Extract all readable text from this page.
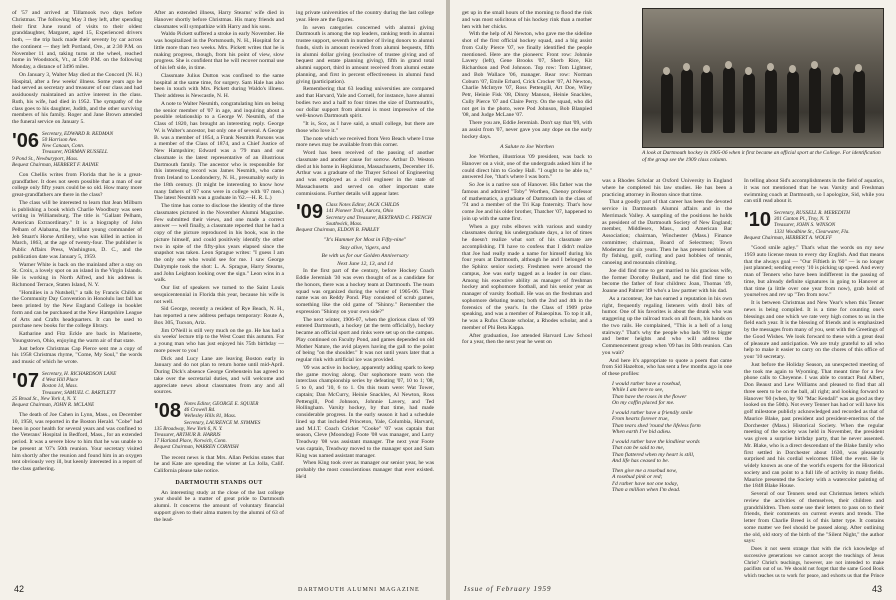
of '57 and arrived at Tillamook two days before Christmas. The following May 3 they left, after spending their first June round of visits to their oldest granddaughter, Margaret, aged 15, Experienced drivers both, — the trip back made their seventy by car across the continent — they left Portland, Ore., at 2:30 P.M. on November 11 and, taking turns at the wheel, reached home in Woodstock, Vt., at 5:00 P.M. on the following Monday, a distance of 3496 miles.

On January 3, Walter May died at the Concord (N. H.) Hospital, after a few weeks' illness. Some years ago he had served as secretary and treasurer of our class and had assiduously maintained an active interest in the class. Ruth, his wife, had died in 1952. The sympathy of the class goes to his daughter, Judith, and the other surviving members of his family. Roger and Jane Brown attended the funeral service on January 5.

'06 Secretary, EDWARD B. REDMAN
50 Harrison Ave.
New Canaan, Conn.
Treasurer, NORMAN RUSSELL
9 Pond St., Newburyport, Mass.
Bequest Chairman, HERBERT F. RAINIE

Con Chellis writes from Florida that he is a great-grandfather. It does not seem possible that a man of our college only fifty years could be so old. How many more great-grandfathers are there in the class?

The class will be interested to learn that Jean Milburn is publishing a book which Charlie Woodbury was seen writing in Williamsburg. The title is "Gallant Pelham, American Extraordinary." It is a biography of John Pelham of Alabama, the brilliant young commander of Jeb Stuart's Horse Artillery, who was killed in action in March, 1863, at the age of twenty-four. The publisher is Public Affairs Press, Washington, D. C., and the publication date was January 5, 1959.

Warner White is back on the mainland after a stay on St. Croix, a lovely spot on an island in the Virgin Islands. He is working in North Alfred, and his address is Richmond Terrace, Staten Island, N. Y.

"Homilies in a Nutshell," a talk by Francis Childs at the Community Day Convention in Honolulu last fall has been printed by the New England College in booklet form and can be purchased at the New Hampshire League of Arts and Crafts headquarters. It can be used to purchase new books for the college library.

Katharine and Fitz Eckle are back in Marinette, Youngstown, Ohio, enjoying the warm air of that state.

Just before Christmas Cap Pierce sent me a copy of his 1958 Christmas rhyme, "Come, My Soul," the words and music of which he wrote.

'07 Secretary, H. RICHARDSON LANE
4 West Hill Place
Boston 14, Mass.
Treasurer, SAMUEL C. BARTLETT
25 Broad St., New York 4, N. Y.
Bequest Chairman, JOHN R. MCLANE

The death of Joe Cahen in Lynn, Mass., on December 10, 1958, was reported in the Boston Herald. "Cobe" had been in poor health for several years and was confined to the Veterans' Hospital in Bedford, Mass., for an extended period. It was a severe blow to him that he was unable to be present at '07's 50th reunion. Your secretary visited him shortly after the reunion and found him in an oxygen tent obviously very ill, but keenly interested in a report of the class gathering.

After an extended illness, Harry Stearns' wife died in Hanover shortly before Christmas. His many friends and classmates will sympathize with Harry and his sons.

Waldo Pickett suffered a stroke in early November. He was hospitalized in the Portsmouth, N. H., Hospital for a little more than two weeks. Mrs. Pickett writes that he is making progress, though, from his point of view, slow progress. She is confident that he will recover normal use of his left side, in time.

Classmate Julius Dutton was confined to the same hospital at the same time, for surgery. Sam Hale has also been in touch with Mrs. Pickett during Waldo's illness. Their address is Newcastle, N. H.

A note to Walter Nesmith, congratulating him on being the senior member of '07 in age, and inquiring about a possible relationship to a George W. Nesmith, of the Class of 1820, has brought an interesting reply. George W. is Walter's ancestor, but only one of several. A George B. was a member of 1854, a Frank Nesmith Parsons was a member of the Class of 1874, and a Chief Justice of New Hampshire; Edward was a '79 man and our classmate is the latest representative of an illustrious Dartmouth family. The ancestor who is responsible for this interesting record was James Nesmith, who came from Ireland to Londonderry, N. H., presumably early in the 18th century. (It might be interesting to know how many fathers of '07 sons were in college with '07 men.) The latest Nesmith was a graduate in '62.—H. R. L.)

The time has come to disclose the identity of the three classmates pictured in the November Alumni Magazine. Few submitted their views, and one made a correct answer — well finally, a classmate reported that he had a copy of the picture reproduced in his book, was in the picture himself, and could positively identify the other two in spite of the fifty-plus years elapsed since the snapshot was taken. Leon Sprague writes: "I guess I am the only one who would see for me. I saw George Dalrymple took the shot: L. A. Sprague, Harry Stearns, and John Leighton looking over the sign." Leon wins in a walk.

Our list of speakers we turned to the Saint Louis sesquicentennial in Florida this year, because his wife is not well.

Sid George, recently a resident of Rye Beach, N. H., has reported a new address perhaps temporary: Route A, Box 305, Tucson, Ariz.

Jim O'Neill is still very much on the go. He has had a six weeks' lecture trip to the West Coast this autumn. For a young man who has just enjoyed his 75th birthday — more power to you!

Dick and Lucy Lane are leaving Boston early in January and do not plan to return home until mid-April. During Dick's absence George Grebenstein has agreed to take over the secretarial duties, and will welcome and appreciate news about classmates from any and all sources.

'08 Notes Editor, GEORGE E. SQUIER
46 Crowell Rd.
Wellesley Hills 81, Mass.
Secretary, LAURENCE M. SYMMES
135 Broadway, New York 6, N. Y.
Treasurer, ARTHUR B. HARRIS
17 Harland Place, Norwich, Conn.
Bequest Chairman, WARREN CORNISH

The recent news is that Mrs. Allan Perkins states that he and Kate are spending the winter at La Jolla, Calif. California please take notice.

DARTMOUTH STANDS OUT

An interesting study at the close of the last college year should be a matter of great pride to Dartmouth alumni. It concerns the amount of voluntary financial support given to their alma maters by the alumni of 63 of the lead-

ing private universities of the country during the last college year. Here are the figures.

In seven categories concerned with alumni giving Dartmouth is among the top leaders, ranking tenth in alumni trustee support, seventh in number of living donors to alumni funds, sixth in amount received from alumni bequests, fifth in alumni dollar giving (exclusive of trustee giving and of bequest and estate planning giving), fifth in grand total alumni support, third in amount received from alumni estate planning, and first in percent effectiveness in alumni fund giving (participation).

Remembering that 63 leading universities are compared and that Harvard, Yale and Cornell, for instance, have alumni bodies two and a half to four times the size of Dartmouth's, our dollar support from alumni is most impressive of the well-known Dartmouth spirit.

"It is, Sox, as I have said, a small college, but there are those who love it."

The note which we received from Vero Beach where I true more news may be available from this corner.

Word has been received of the passing of another classmate and another cause for sorrow. Arthur D. Weston died at his home in Hopkinton, Massachusetts, December 16. Arthur was a graduate of the Thayer School of Engineering and was employed as a civil engineer in the state of Massachusetts and served on other important state commissions. Further details will appear later.

'09 Class Notes Editor, JACK CHILDS
141 Pioneer Trail, Aurora, Ohio
Secretary and Treasurer, BERTRAND C. FRENCH
Southwick, Mass.
Bequest Chairman, ELDON B. FARLEY

"It's Hammer for Most in Fifty-nine"

Stay alive, 'tigers, and

Be with us for our Golden Anniversary

Next June 12, 13, and 14

In the first part of the century, before Hockey Coach Eddie Jeremiah '30 was even thought of as a candidate for the honors, there was a hockey team at Dartmouth. The team squad was organized during the winter of 1905-06. Their name was on Reddy Pond. Play consisted of scrub games, something like the old game of "Shinny." Remember the expression "Shinny on your own side?"

The next winter, 1906-07, when the glorious class of '09 entered Dartmouth, a hockey (at the term officially), hockey became an official sport and rinks were set up on the campus. Play continued on Faculty Pond, and games depended on old Mother Nature, the avid players having the gall to the point of being "on the shoulder." It was not until years later that a regular rink with artificial ice was provided.

'09 was active in hockey, apparently adding spark to keep the game moving along. Our sophomore team won the interclass championship series by defeating '07, 10 to 1; '08, 5 to 0, and '10, 6 to 1. On this team were: Wat Tower, captain; Dan McCurry, Heinie Snackles, Al Newton, Ross Pettengill, Pod Johnson, Johnnie Lavery, and Ted Hollingham. Varsity hockey, by that time, had made considerable progress. In the early season it had a schedule lined up that included Princeton, Yale, Columbia, Harvard, and M.I.T. Coach Cricket "Cooke" '07 was captain that season, Cleve (Moondog) Foote '08 was manager, and Larry Treadway '08 was assistant manager. The next year Foote was captain, Treadway moved to the manager spot and Sam King was named assistant manager.

When King took over as manager our senior year, he was probably the most conscientious manager that ever existed. He'd

42	DARTMOUTH ALUMNI MAGAZINE
A look at Dartmouth hockey in 1905-06 when it first became an official sport at the College. For identification of the group see the 1909 class column.

get up in the small hours of the morning to flood the rink and was most solicitous of his hockey rink than a mother hen with her chicks.

With the help of Al Newton, who gave me the sideline shot of the first official hockey squad, and a big assist from Cully Pierce '07, we finally identified the people mentioned. Here are the pioneers: Front row: Johnnie Lavery (left), Gene Brooks '07, Sherb Rice, Kit Richardson and Pod Johnson. Top row: Tom Lightner, and Bob Wallace '06, manager. Rear row: Norman Coburn '07, Emile Erhard, Crick Crocker '07, Al Newton, Charlie McIntyre '07, Ross Pettengill, Art Doe, Wiley Petr, Heinie Fisk '08, Dinny Manson, Heinie Snackles, Cully Pierce '07 and Claire Perry. On the squad, who did not get in the photo, were Pod Johnson, Bob Blanpied '08, and Judge McLane '07.

There you are, Eddie Jeremiah. Don't say that '09, with an assist from '07, never gave you any dope on the early hockey days.

A Salute to Joe Worthen

Joe Worthen, illustrious '09 president, was back to Hanover on a visit, one of the undergrads asked him if he could direct him to Godey Hall. "I ought to be able to," answered Joe, "that's where I was born."

So Joe is a native son of Hanover. His father was the famous and admired "Toby" Worthen, Chenoy professor of mathematics, a graduate of Dartmouth in the class of '74 and a member of the Tri Kap fraternity. That's how come Joe and his older brother, Thatcher '07, happened to join up with the same first.

When a guy rubs elbows with various and sundry classmates during his undergraduate days, a lot of times he doesn't realize what sort of his classmate are accomplishing. I'll have to confess that I didn't realize that Joe had really made a name for himself during his four years at Dartmouth, although he and I belonged to the Sphinx senior society. Freshmen were around the campus, Joe was early tagged as a leader in our class. Among his executive ability as manager of freshman hockey and sophomore football, and his senior year as manager of varsity football. He was on the freshman and sophomore debating teams; both the 2nd and 4th in the forensics of the year's. In the Class of 1909 prize speaking, and was a member of Palaeopitus. To top it all, he was a Rufus Choate scholar, a Rhodes scholar, and a member of Phi Beta Kappa.

After graduation, Joe attended Harvard Law School for a year, then the next year he went on

was a Rhodes Scholar at Oxford University in England where he completed his law studies. He has been a practicing attorney in Boston since that time.

That a goodly part of that career has been the devoted service in Dartmouth Alumni affairs and in the Merrimack Valley. A sampling of the positions he holds as president of the Dartmouth Society of New England; member, Middlesex, Mass., and American Bar Association; chairman, Winchester (Mass.) Finance committee; chairman, Board of Selectmen; Town Moderator for six years. Then he has present hobbies of fly fishing, golf, curling and past hobbies of tennis, canoeing and mountain climbing.

Joe did find time to get married to his gracious wife, the former Dorothy Bullard, and he did find time to become the father of four children: Joan, Thomas '49, Joanne and Palmer '49 who's a law partner with his dad.

As a raconteur, Joe has earned a reputation in his own right, frequently regaling listeners with droll bits of humor. One of his favorites is about the drunk who was staggering up the railroad track on all fours, his hands on the two rails. He complained, "This is a hell of a long stairway." That's why the people who lads '09 to bigger and better heights and who will address the Commencement group when '09 has its 50th reunion. Can you wait?

And here it's appropriate to quote a poem that came from Sid Hazelton, who has sent a few months ago in one of these profiles:

I would rather have a rosebud,
While I am here to see,
Than have the roses in the flower
On my coffin placed for me.
I would rather have a friendly smile
From hearts forever true,
Than tears shed 'round the lifeless form
When earth I've bid adieu.
I would rather have the kindliest words
That can be said to me,
Than flattered when my heart is still,
And life has ceased to be.
Then give me a rosebud now,
A rosebud pink or red;
I'd rather have not one today,
Than a million when I'm dead.

In telling about Sid's accomplishments in the field of aquatics, it was not mentioned that he was Varsity and Freshman swimming coach at Dartmouth, so I apologize, Sid, while you can still read about it.

'10 Secretary, RUSSELL R. MEREDITH
301 Canton Pl., Troy, N. Y.
Treasurer, JOHN S. WINSON
1331 Woodbine St., Clearwater, Fla.
Bequest Chairman, HERBERT A. WOLFF

"Good smile agley." That's what the words on my new 1959 auto license mean to every day English. And that means that the always goal — "Our Fiftieth in '60" — is no longer just planned; sending every '10 is picking up speed. And every man of Tenners who have been indifferent in the passing of time, but already definite signatures in going to Hanover at that time (a little over one year from now), grab hold of yourselves and rev up "Ten from now."

It is between Christmas and New Year's when this Tenner news is being compiled. It is a time for counting one's blessings and one which we rate very high comes to us in the field each year. It is the blessing of friends and is emphasized by the messages from many of you, sent with the Greetings of the Good Wishes. We look forward to these with a great deal of pleasure and anticipation. We are truly grateful to all who help to make it easier to carry on the chores of this office of your '10 secretary.

Just before the Holiday Season, an unexpected meeting of the took me again to Wyoming. That meant time for a few phone calls to Cheyenne. I was able to contact Paul Albert, Don Beaust and Lew Williams and pleased to find that all three seem to be on the ball, all right; and looking forward to Hanover '60 (when, by '60 "Mac Kendall" was as good as they looked on the 50th). Not every Tenner has had or will have his golf milestone publicly acknowledged and recorded as that of Maurice Blake, past president and president-emeritus of the Dorchester (Mass.) Historical Society. When the regular meeting of the society was held in November, the president was given a surprise birthday party, that he never assented. Mr. Blake, who is a direct descendant of the Blake family who first settled in Dorchester about 1630, was pleasantly surprised and his cordial welcomes filled the event. He is widely known as one of the world's experts for the Historical society and can point to a full life of activity in many fields. Maurice presented the Society with a watercolor painting of the 1848 Blake House.

Several of our Tenners send out Christmas letters which review the activities of themselves, their children and grandchildren. Then some use their letters to pass on to their friends, their comments on current events and trends. The letter from Charlie Breed is of this latter type. It contains some matter we feel should be passed along. After outlining the old, old story of the birth of the "Silent Night," the author says:

Does it not seem strange that with the rich knowledge of successive generations we cannot accept the teachings of Jesus Christ? Christ's teachings, however, are not intended to make pacifists out of us. We should not forget that the same Good Book which teaches us to work for peace, and exhorts us that the Prince

Issue of February 1959	43
